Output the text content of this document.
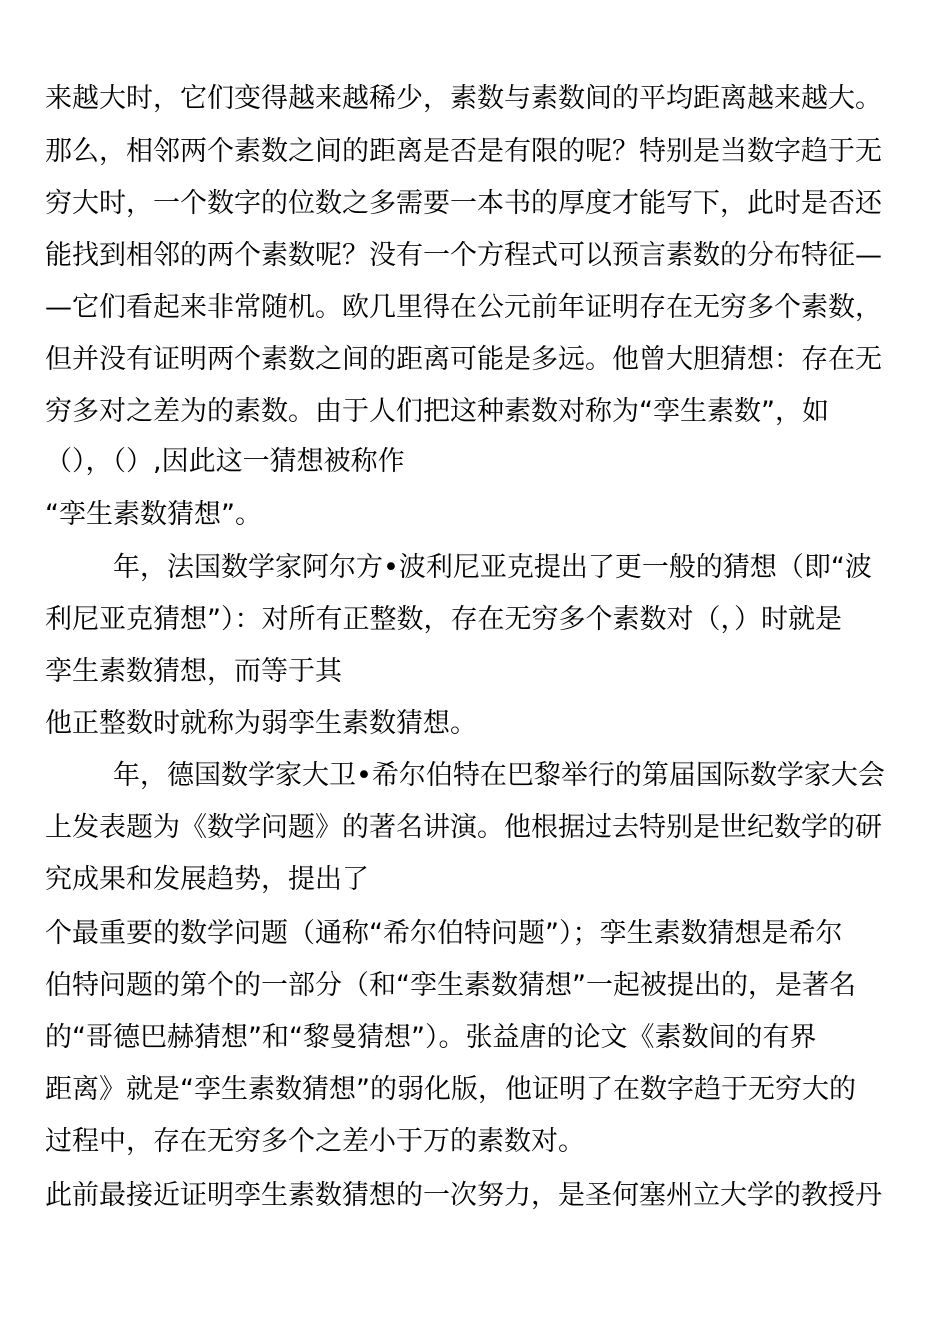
来越大时，它们变得越来越稀少，素数与素数间的平均距离越来越大。
那么，相邻两个素数之间的距离是否是有限的呢？特别是当数字趋于无
穷大时，一个数字的位数之多需要一本书的厚度才能写下，此时是否还
能找到相邻的两个素数呢？没有一个方程式可以预言素数的分布特征—
—它们看起来非常随机。欧几里得在公元前年证明存在无穷多个素数，
但并没有证明两个素数之间的距离可能是多远。他曾大胆猜想：存在无
穷多对之差为的素数。由于人们把这种素数对称为“孪生素数”，如
（），（）,因此这一猜想被称作
“孪生素数猜想”。
年，法国数学家阿尔方•波利尼亚克提出了更一般的猜想（即“波
利尼亚克猜想”）：对所有正整数，存在无穷多个素数对（，）时就是
孪生素数猜想，而等于其
他正整数时就称为弱孪生素数猜想。
年，德国数学家大卫•希尔伯特在巴黎举行的第届国际数学家大会
上发表题为《数学问题》的著名讲演。他根据过去特别是世纪数学的研
究成果和发展趋势，提出了
个最重要的数学问题（通称“希尔伯特问题”）；孪生素数猜想是希尔
伯特问题的第个的一部分（和“孪生素数猜想”一起被提出的，是著名
的“哥德巴赫猜想”和“黎曼猜想”）。张益唐的论文《素数间的有界
距离》就是“孪生素数猜想”的弱化版，他证明了在数字趋于无穷大的
过程中，存在无穷多个之差小于万的素数对。
此前最接近证明孪生素数猜想的一次努力，是圣何塞州立大学的教授丹
